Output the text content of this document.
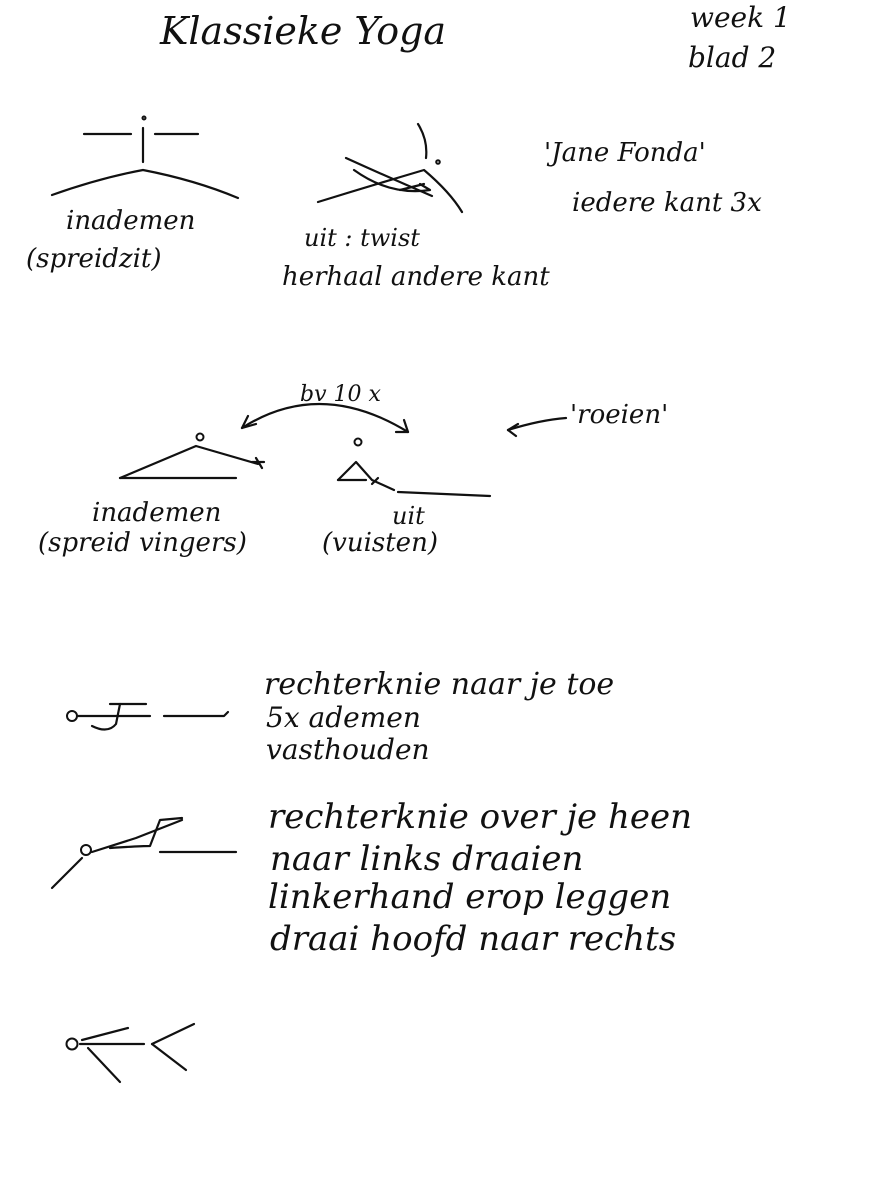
Klassieke Yoga	week 1
blad 2
'Jane Fonda'
iedere kant 3x
inademen
(spreidzit)
uit : twist
herhaal andere kant
bv 10 x
'roeien'
inademen
(spreid vingers)
uit
(vuisten)
rechterknie naar je toe
5x ademen
vasthouden
rechterknie over je heen
naar links draaien
linkerhand erop leggen
draai hoofd naar rechts
